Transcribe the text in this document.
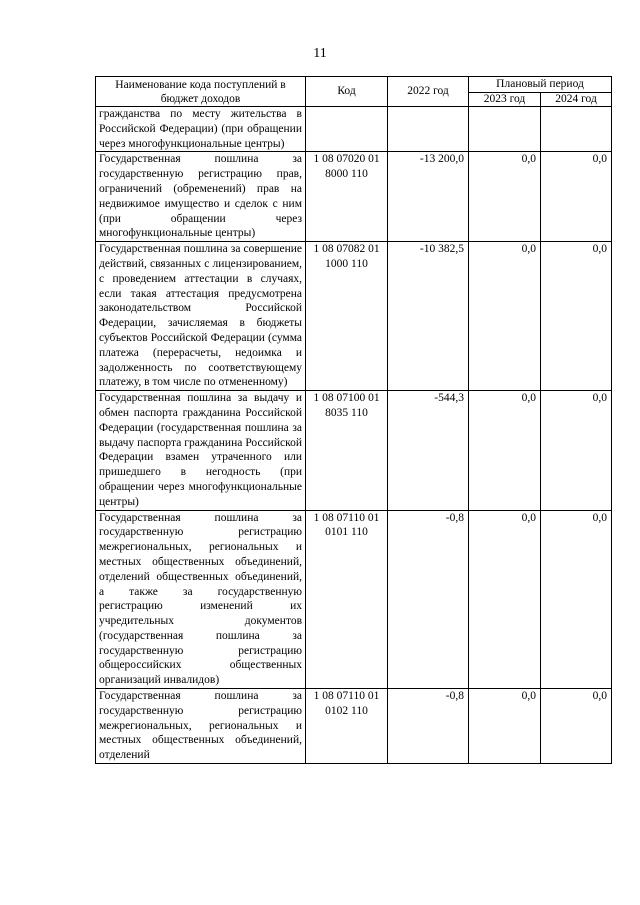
11
Наименование кода поступлений в бюджет доходов	Код	2022 год	Плановый период	
			2023 год	2024 год
гражданства по месту жительства в Российской Федерации) (при обращении через многофункциональные центры)				
Государственная пошлина за государственную регистрацию прав, ограничений (обременений) прав на недвижимое имущество и сделок с ним (при обращении через многофункциональные центры)	1 08 07020 01 8000 110	-13 200,0	0,0	0,0
Государственная пошлина за совершение действий, связанных с лицензированием, с проведением аттестации в случаях, если такая аттестация предусмотрена законодательством Российской Федерации, зачисляемая в бюджеты субъектов Российской Федерации (сумма платежа (перерасчеты, недоимка и задолженность по соответствующему платежу, в том числе по отмененному)	1 08 07082 01 1000 110	-10 382,5	0,0	0,0
Государственная пошлина за выдачу и обмен паспорта гражданина Российской Федерации (государственная пошлина за выдачу паспорта гражданина Российской Федерации взамен утраченного или пришедшего в негодность (при обращении через многофункциональные центры)	1 08 07100 01 8035 110	-544,3	0,0	0,0
Государственная пошлина за государственную регистрацию межрегиональных, региональных и местных общественных объединений, отделений общественных объединений, а также за государственную регистрацию изменений их учредительных документов (государственная пошлина за государственную регистрацию общероссийских общественных организаций инвалидов)	1 08 07110 01 0101 110	-0,8	0,0	0,0
Государственная пошлина за государственную регистрацию межрегиональных, региональных и местных общественных объединений, отделений	1 08 07110 01 0102 110	-0,8	0,0	0,0
